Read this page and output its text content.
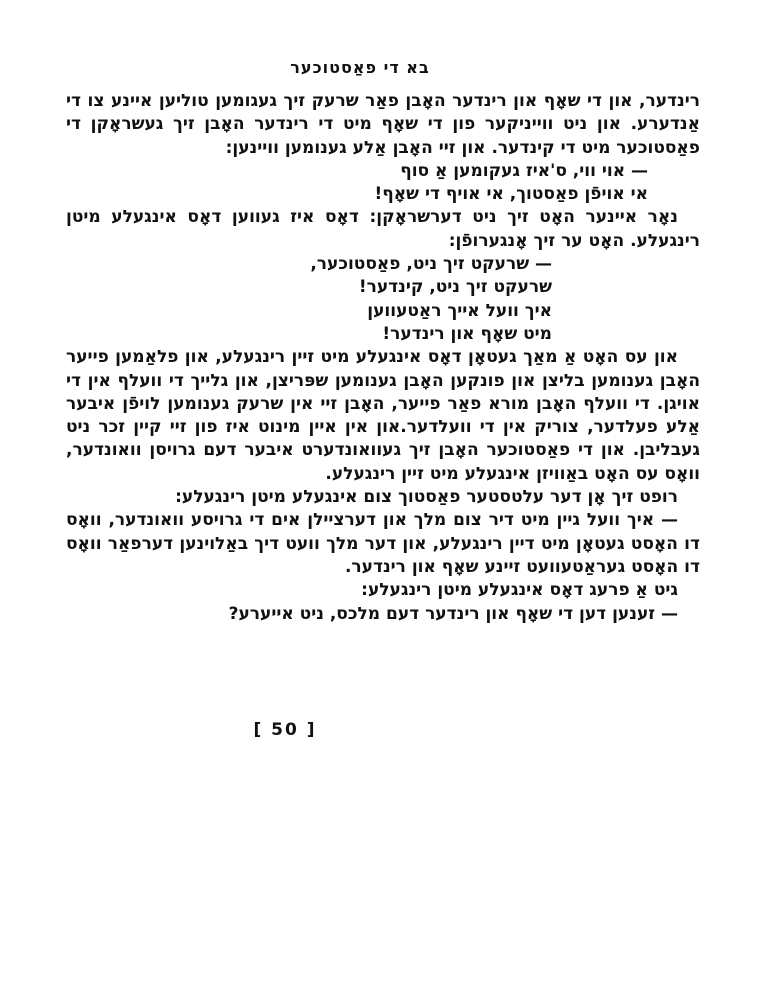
בא די פאַסטוכער

רינדער, און די שאָף און רינדער האָבן פאַר שרעק זיך געגומען טוליען איינע צו די אַנדערע. און ניט ווייניקער פון די שאָף מיט די רינדער האָבן זיך געשראָקן די פאַסטוכער מיט די קינדער. און זיי האָבן אַלע גענומען וויינען:

— אוי ווי, ס'איז געקומען אַ סוף

אי אויפֿן פאַסטוך, אי אויף די שאָף!

נאָר איינער האָט זיך ניט דערשראָקן: דאָס איז געווען דאָס אינגעלע מיטן רינגעלע. האָט ער זיך אָנגערופֿן:

— שרעקט זיך ניט, פאַסטוכער,

שרעקט זיך ניט, קינדער!

איך וועל אייך ראַטעווען

מיט שאָף און רינדער!

און עס האָט אַ מאַך געטאָן דאָס אינגעלע מיט זיין רינגעלע, און פלאַמען פייער האָבן גענומען בליצן און פונקען האָבן גענומען שפּריצן, און גלייך די וועלף אין די אויגן. די וועלף האָבן מורא פאַר פייער, האָבן זיי אין שרעק גענומען לויפֿן איבער אַלע פעלדער, צוריק אין די וועלדער.און אין איין מינוט איז פון זיי קיין זכר ניט געבליבן. און די פאַסטוכער האָבן זיך געוואונדערט איבער דעם גרויסן וואונדער, וואָס עס האָט באַוויזן אינגעלע מיט זיין רינגעלע.

רופט זיך אָן דער עלטסטער פאַסטוך צום אינגעלע מיטן רינגעלע:

— איך וועל גיין מיט דיר צום מלך און דערציילן אים די גרויסע וואונדער, וואָס דו האָסט געטאָן מיט דיין רינגעלע, און דער מלך וועט דיך באַלוינען דערפאַר וואָס דו האָסט געראַטעוועט זיינע שאָף און רינדער.

גיט אַ פרעג דאָס אינגעלע מיטן רינגעלע:

— זענען דען די שאָף און רינדער דעם מלכס, ניט אייערע?

[ 50 ]
